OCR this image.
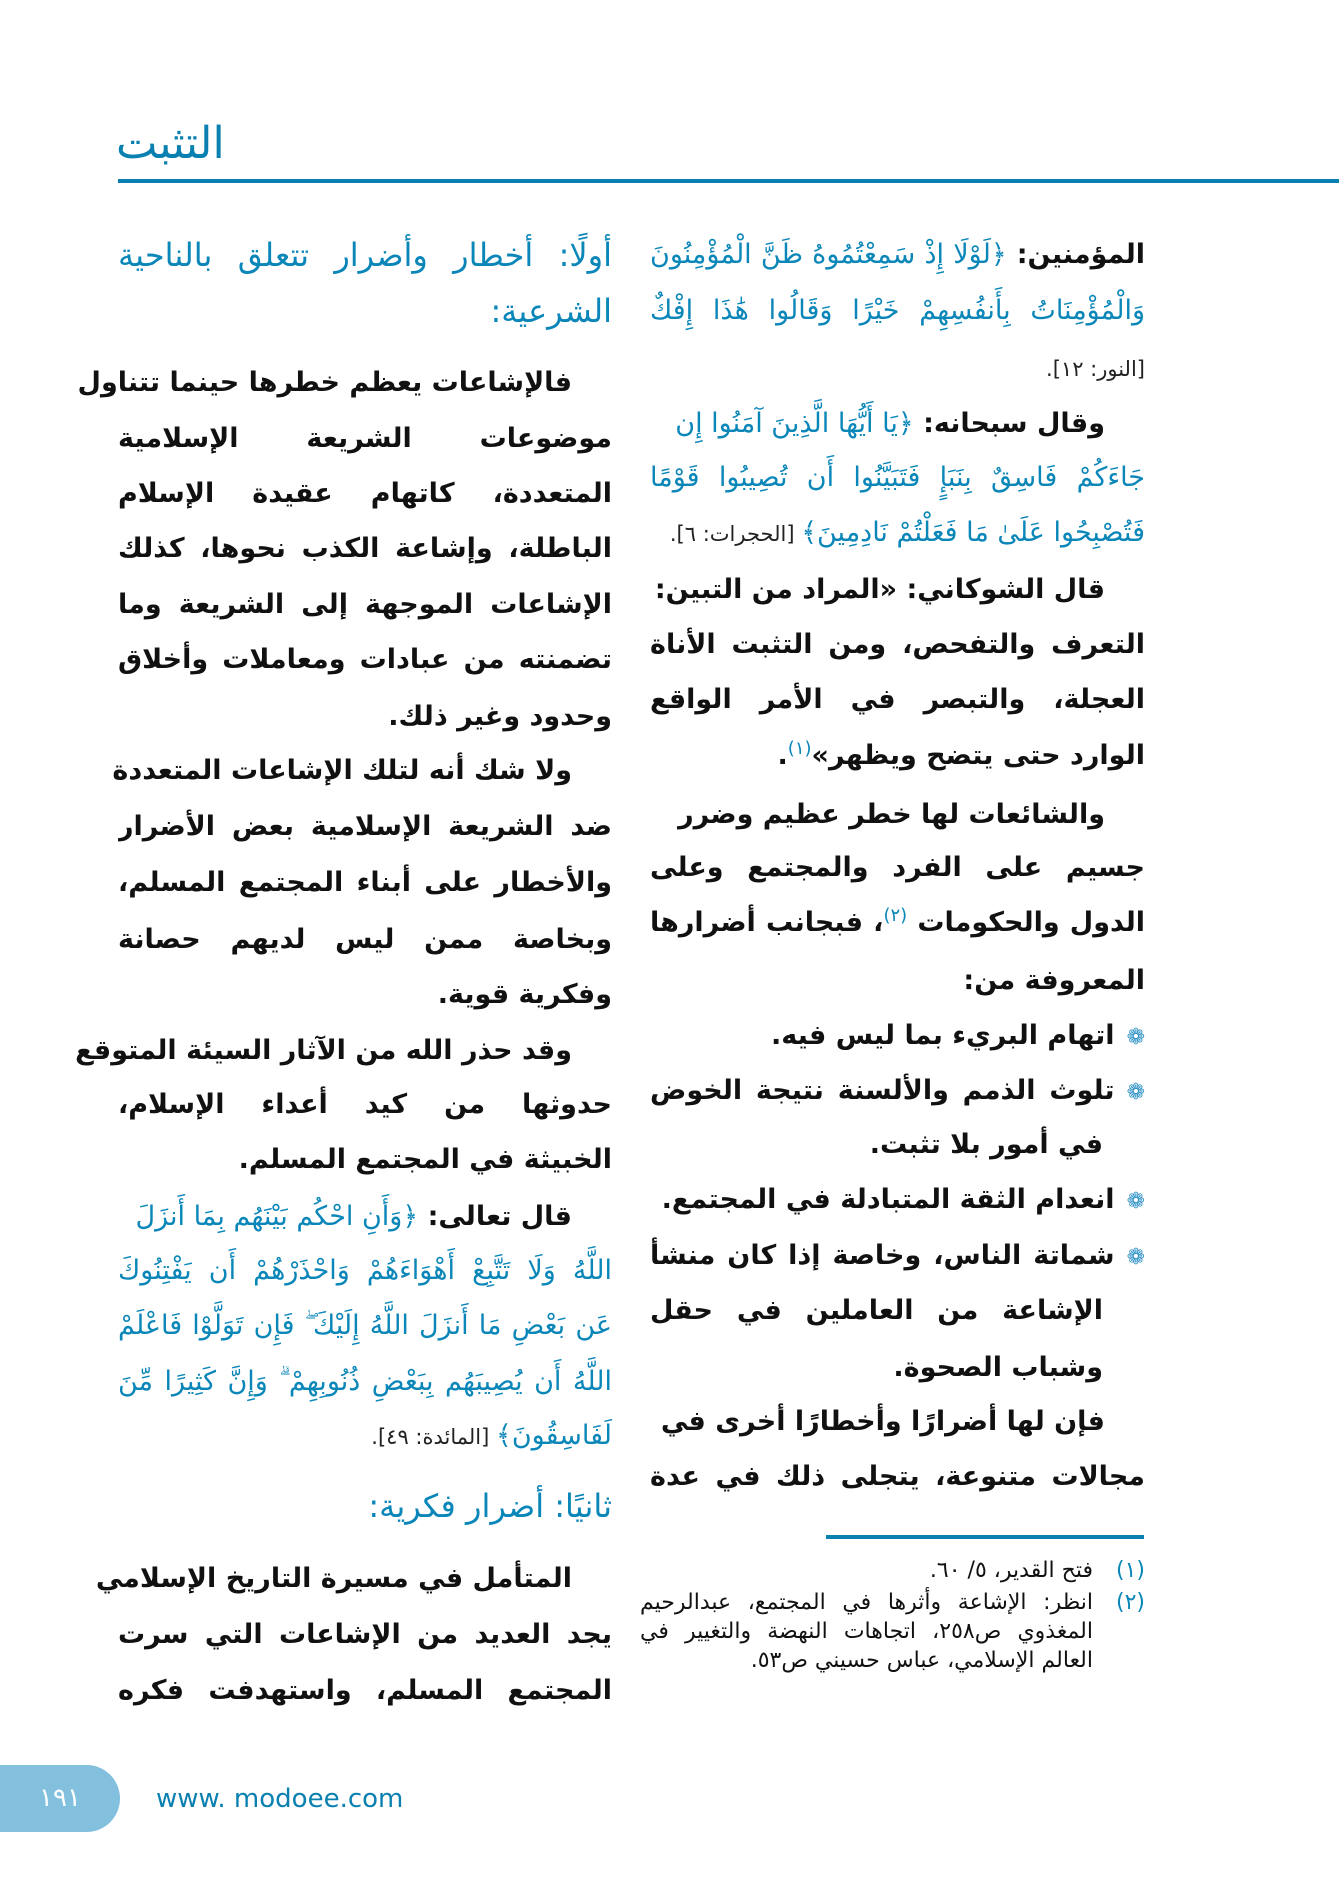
التثبت
المؤمنين: ﴿لَوْلَا إِذْ سَمِعْتُمُوهُ ظَنَّ الْمُؤْمِنُونَ
وَالْمُؤْمِنَاتُ بِأَنفُسِهِمْ خَيْرًا وَقَالُوا هَٰذَا إِفْكٌ
[النور: ١٢].
وقال سبحانه: ﴿يَا أَيُّهَا الَّذِينَ آمَنُوا إِن
جَاءَكُمْ فَاسِقٌ بِنَبَإٍ فَتَبَيَّنُوا أَن تُصِيبُوا قَوْمًا
فَتُصْبِحُوا عَلَىٰ مَا فَعَلْتُمْ نَادِمِينَ﴾ [الحجرات: ٦].
قال الشوكاني: «المراد من التبين:
التعرف والتفحص، ومن التثبت الأناة
العجلة، والتبصر في الأمر الواقع
الوارد حتى يتضح ويظهر»$^{(١)}$.
والشائعات لها خطر عظيم وضرر
جسيم على الفرد والمجتمع وعلى
الدول والحكومات $^{(٢)}$، فبجانب أضرارها
المعروفة من:
❁اتهام البريء بما ليس فيه.
❁تلوث الذمم والألسنة نتيجة الخوض
في أمور بلا تثبت.
❁انعدام الثقة المتبادلة في المجتمع.
❁شماتة الناس، وخاصة إذا كان منشأ
الإشاعة من العاملين في حقل
وشباب الصحوة.
فإن لها أضرارًا وأخطارًا أخرى في
مجالات متنوعة، يتجلى ذلك في عدة
أولًا: أخطار وأضرار تتعلق بالناحية
الشرعية:
فالإشاعات يعظم خطرها حينما تتناول
موضوعات الشريعة الإسلامية
المتعددة، كاتهام عقيدة الإسلام
الباطلة، وإشاعة الكذب نحوها، كذلك
الإشاعات الموجهة إلى الشريعة وما
تضمنته من عبادات ومعاملات وأخلاق
وحدود وغير ذلك.
ولا شك أنه لتلك الإشاعات المتعددة
ضد الشريعة الإسلامية بعض الأضرار
والأخطار على أبناء المجتمع المسلم،
وبخاصة ممن ليس لديهم حصانة
وفكرية قوية.
وقد حذر الله من الآثار السيئة المتوقع
حدوثها من كيد أعداء الإسلام،
الخبيثة في المجتمع المسلم.
قال تعالى: ﴿وَأَنِ احْكُم بَيْنَهُم بِمَا أَنزَلَ
اللَّهُ وَلَا تَتَّبِعْ أَهْوَاءَهُمْ وَاحْذَرْهُمْ أَن يَفْتِنُوكَ
عَن بَعْضِ مَا أَنزَلَ اللَّهُ إِلَيْكَ ۖ فَإِن تَوَلَّوْا فَاعْلَمْ
اللَّهُ أَن يُصِيبَهُم بِبَعْضِ ذُنُوبِهِمْ ۗ وَإِنَّ كَثِيرًا مِّنَ
لَفَاسِقُونَ﴾ [المائدة: ٤٩].
ثانيًا: أضرار فكرية:
المتأمل في مسيرة التاريخ الإسلامي
يجد العديد من الإشاعات التي سرت
المجتمع المسلم، واستهدفت فكره
(١)
فتح القدير، ٥/ ٦٠.
(٢)
انظر: الإشاعة وأثرها في المجتمع، عبدالرحيم المغذوي ص٢٥٨، اتجاهات النهضة والتغيير في العالم الإسلامي، عباس حسيني ص٥٣.
١٩١	www. modoee.com
